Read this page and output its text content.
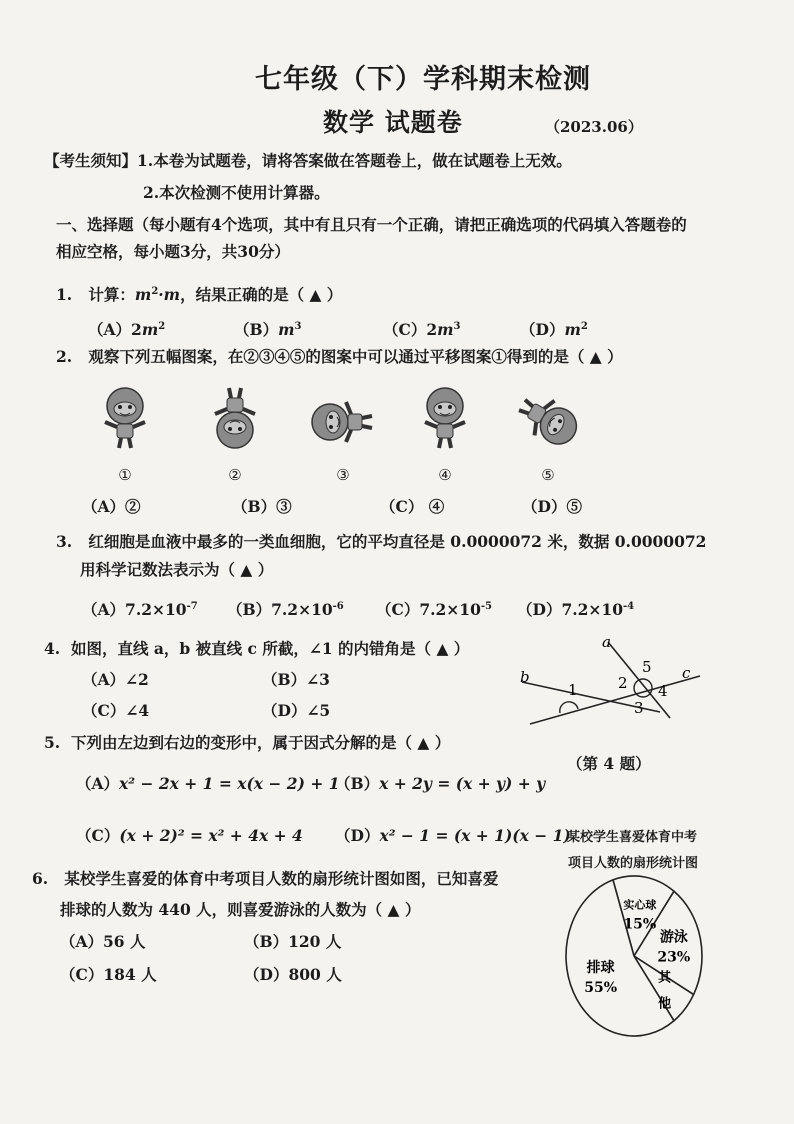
七年级（下）学科期末检测
数学 试题卷	（2023.06）
【考生须知】1.本卷为试题卷，请将答案做在答题卷上，做在试题卷上无效。
2.本次检测不使用计算器。
一、选择题（每小题有4个选项，其中有且只有一个正确，请把正确选项的代码填入答题卷的
相应空格，每小题3分，共30分）
1. 计算：$m^2\cdot m$，结果正确的是（ ▲ ）
$(A)2m^2$	$(B)m^3$	$(C)2m^3$	$(D)m^2$
2. 观察下列五幅图案，在②③④⑤的图案中可以通过平移图案①得到的是（ ▲ ）
①	②	③	④	⑤
（A）②	（B）③	（C） ④	（D）⑤
3. 红细胞是血液中最多的一类血细胞，它的平均直径是 0.0000072 米，数据 0.0000072
用科学记数法表示为（ ▲ ）
$(A)7.2\times 10^{-7}$ $(B)7.2\times 10^{-6}$ $(C)7.2\times 10^{-5}$ $(D)7.2\times 10^{-4}$
4. 如图，直线 a，b 被直线 c 所截，∠1 的内错角是（ ▲ ）
（A）∠2	（B）∠3
（C）∠4	（D）∠5
a
b	c
1	2
3
4
5
（第 4 题）
5. 下列由左边到右边的变形中，属于因式分解的是（ ▲ ）
（A）x² − 2x + 1 = x(x − 2) + 1
（B）x + 2y = (x + y) + y
（C）(x + 2)² = x² + 4x + 4 （D）x² − 1 = (x + 1)(x − 1)
6. 某校学生喜爱的体育中考项目人数的扇形统计图如图，已知喜爱
排球的人数为 440 人，则喜爱游泳的人数为（ ▲ ）
（A）56 人	（B）120 人
（C）184 人	（D）800 人
某校学生喜爱体育中考
项目人数的扇形统计图
实心球
15%
游泳
23%
其
他
排球
55%
